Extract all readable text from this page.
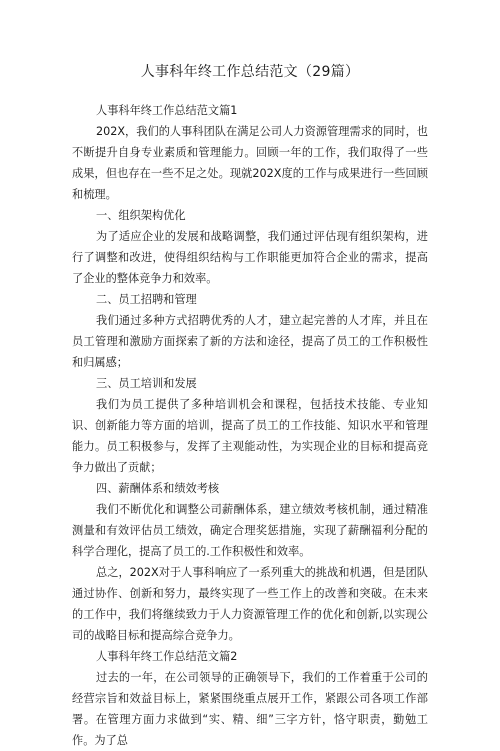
人事科年终工作总结范文（29篇）

人事科年终工作总结范文篇1

202X，我们的人事科团队在满足公司人力资源管理需求的同时，也不断提升自身专业素质和管理能力。回顾一年的工作，我们取得了一些成果，但也存在一些不足之处。现就202X度的工作与成果进行一些回顾和梳理。

一、组织架构优化

为了适应企业的发展和战略调整，我们通过评估现有组织架构，进行了调整和改进，使得组织结构与工作职能更加符合企业的需求，提高了企业的整体竞争力和效率。

二、员工招聘和管理

我们通过多种方式招聘优秀的人才，建立起完善的人才库，并且在员工管理和激励方面探索了新的方法和途径，提高了员工的工作积极性和归属感；

三、员工培训和发展

我们为员工提供了多种培训机会和课程，包括技术技能、专业知识、创新能力等方面的培训，提高了员工的工作技能、知识水平和管理能力。员工积极参与，发挥了主观能动性，为实现企业的目标和提高竞争力做出了贡献；

四、薪酬体系和绩效考核

我们不断优化和调整公司薪酬体系，建立绩效考核机制，通过精准测量和有效评估员工绩效，确定合理奖惩措施，实现了薪酬福利分配的科学合理化，提高了员工的.工作积极性和效率。

总之，202X对于人事科响应了一系列重大的挑战和机遇，但是团队通过协作、创新和努力，最终实现了一些工作上的改善和突破。在未来的工作中，我们将继续致力于人力资源管理工作的优化和创新,以实现公司的战略目标和提高综合竞争力。

人事科年终工作总结范文篇2

过去的一年，在公司领导的正确领导下，我们的工作着重于公司的经营宗旨和效益目标上，紧紧围绕重点展开工作，紧跟公司各项工作部署。在管理方面力求做到“实、精、细”三字方针，恪守职责，勤勉工作。为了总
